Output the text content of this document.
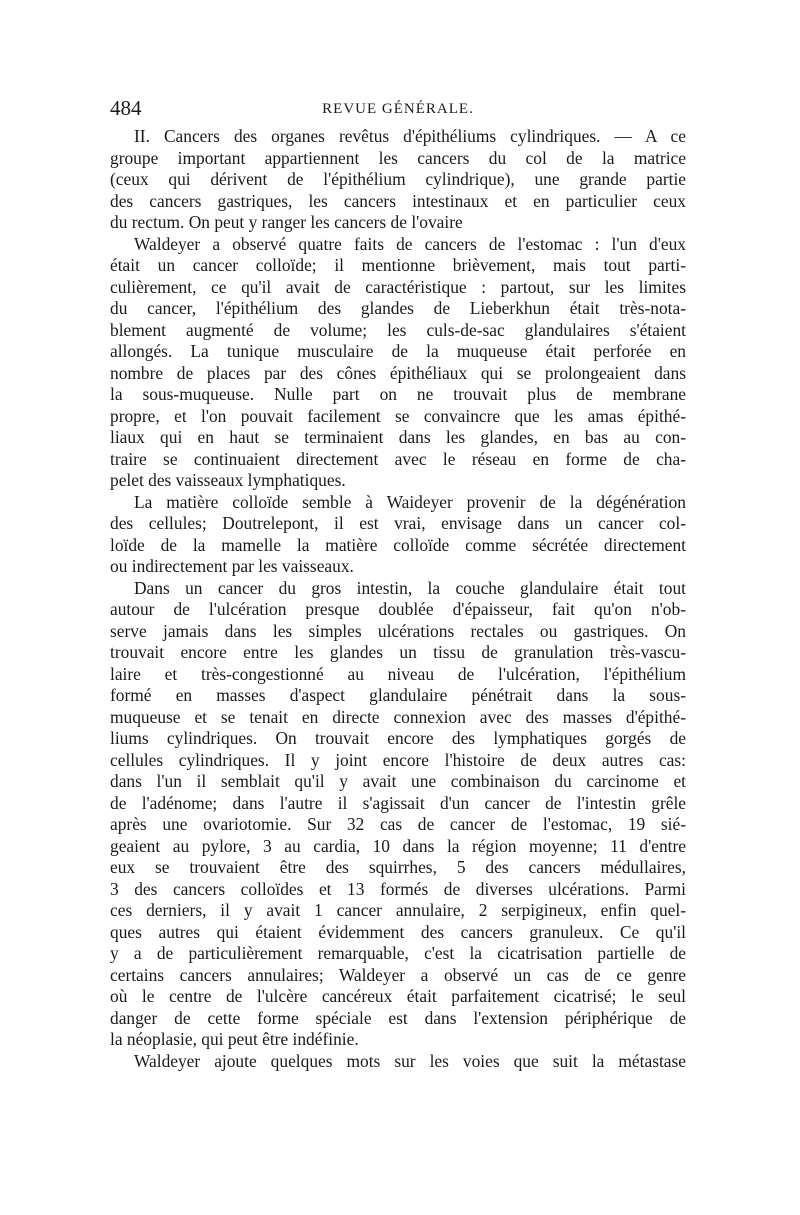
484	REVUE GÉNÉRALE.
II. Cancers des organes revêtus d'épithéliums cylindriques. — A ce
groupe important appartiennent les cancers du col de la matrice
(ceux qui dérivent de l'épithélium cylindrique), une grande partie
des cancers gastriques, les cancers intestinaux et en particulier ceux
du rectum. On peut y ranger les cancers de l'ovaire
Waldeyer a observé quatre faits de cancers de l'estomac : l'un d'eux
était un cancer colloïde; il mentionne brièvement, mais tout parti-
culièrement, ce qu'il avait de caractéristique : partout, sur les limites
du cancer, l'épithélium des glandes de Lieberkhun était très-nota-
blement augmenté de volume; les culs-de-sac glandulaires s'étaient
allongés. La tunique musculaire de la muqueuse était perforée en
nombre de places par des cônes épithéliaux qui se prolongeaient dans
la sous-muqueuse. Nulle part on ne trouvait plus de membrane
propre, et l'on pouvait facilement se convaincre que les amas épithé-
liaux qui en haut se terminaient dans les glandes, en bas au con-
traire se continuaient directement avec le réseau en forme de cha-
pelet des vaisseaux lymphatiques.
La matière colloïde semble à Waideyer provenir de la dégénération
des cellules; Doutrelepont, il est vrai, envisage dans un cancer col-
loïde de la mamelle la matière colloïde comme sécrétée directement
ou indirectement par les vaisseaux.
Dans un cancer du gros intestin, la couche glandulaire était tout
autour de l'ulcération presque doublée d'épaisseur, fait qu'on n'ob-
serve jamais dans les simples ulcérations rectales ou gastriques. On
trouvait encore entre les glandes un tissu de granulation très-vascu-
laire et très-congestionné au niveau de l'ulcération, l'épithélium
formé en masses d'aspect glandulaire pénétrait dans la sous-
muqueuse et se tenait en directe connexion avec des masses d'épithé-
liums cylindriques. On trouvait encore des lymphatiques gorgés de
cellules cylindriques. Il y joint encore l'histoire de deux autres cas:
dans l'un il semblait qu'il y avait une combinaison du carcinome et
de l'adénome; dans l'autre il s'agissait d'un cancer de l'intestin grêle
après une ovariotomie. Sur 32 cas de cancer de l'estomac, 19 sié-
geaient au pylore, 3 au cardia, 10 dans la région moyenne; 11 d'entre
eux se trouvaient être des squirrhes, 5 des cancers médullaires,
3 des cancers colloïdes et 13 formés de diverses ulcérations. Parmi
ces derniers, il y avait 1 cancer annulaire, 2 serpigineux, enfin quel-
ques autres qui étaient évidemment des cancers granuleux. Ce qu'il
y a de particulièrement remarquable, c'est la cicatrisation partielle de
certains cancers annulaires; Waldeyer a observé un cas de ce genre
où le centre de l'ulcère cancéreux était parfaitement cicatrisé; le seul
danger de cette forme spéciale est dans l'extension périphérique de
la néoplasie, qui peut être indéfinie.
Waldeyer ajoute quelques mots sur les voies que suit la métastase
